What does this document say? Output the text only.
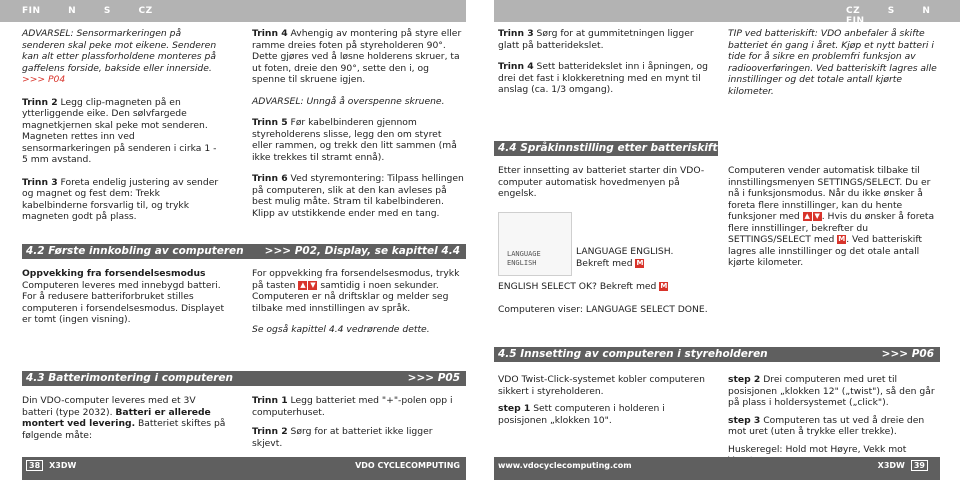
FIN	N	S	CZ	CZ	S	N FIN

ADVARSEL: Sensormarkeringen på senderen skal peke mot eikene. Senderen kan alt etter plassforholdene monteres på gaffelens forside, bakside eller innerside. >>> P04

Trinn 2 Legg clip-magneten på en ytterliggende eike. Den sølvfargede magnetkjernen skal peke mot senderen. Magneten rettes inn ved sensormarkeringen på senderen i cirka 1 - 5 mm avstand.

Trinn 3 Foreta endelig justering av sender og magnet og fest dem: Trekk kabelbinderne forsvarlig til, og trykk magneten godt på plass.

Trinn 4 Avhengig av montering på styre eller ramme dreies foten på styreholderen 90°. Dette gjøres ved å løsne holderens skruer, ta ut foten, dreie den 90°, sette den i, og spenne til skruene igjen.

ADVARSEL: Unngå å overspenne skruene.

Trinn 5 Før kabelbinderen gjennom styreholderens slisse, legg den om styret eller rammen, og trekk den litt sammen (må ikke trekkes til stramt ennå).

Trinn 6 Ved styremontering: Tilpass hellingen på computeren, slik at den kan avleses på best mulig måte. Stram til kabelbinderen. Klipp av utstikkende ender med en tang.

4.2 Første innkobling av computeren >>> P02, Display, se kapittel 4.4

Oppvekking fra forsendelsesmodus

Computeren leveres med innebygd batteri. For å redusere batteriforbruket stilles computeren i forsendelsesmodus. Displayet er tomt (ingen visning).

For oppvekking fra forsendelsesmodus, trykk på tasten ▲ ▼ samtidig i noen sekunder. Computeren er nå driftsklar og melder seg tilbake med innstillingen av språk.

Se også kapittel 4.4 vedrørende dette.

4.3 Batterimontering i computeren	>>> P05

Din VDO-computer leveres med et 3V batteri (type 2032). Batteri er allerede montert ved levering. Batteriet skiftes på følgende måte:

Trinn 1 Legg batteriet med "+"-polen opp i computerhuset.

Trinn 2 Sørg for at batteriet ikke ligger skjevt.

Trinn 3 Sørg for at gummitetningen ligger glatt på batteridekslet.

Trinn 4 Sett batteridekslet inn i åpningen, og drei det fast i klokkeretning med en mynt til anslag (ca. 1/3 omgang).

TIP ved batteriskift: VDO anbefaler å skifte batteriet én gang i året. Kjøp et nytt batteri i tide for å sikre en problemfri funksjon av radiooverføringen. Ved batteriskift lagres alle innstillinger og det totale antall kjørte kilometer.

4.4 Språkinnstilling etter batteriskifte

Etter innsetting av batteriet starter din VDO-computer automatisk hovedmenyen på engelsk.

LANGUAGE
ENGLISH

LANGUAGE ENGLISH.

Bekreft med M

ENGLISH SELECT OK? Bekreft med M

Computeren viser: LANGUAGE SELECT DONE.

Computeren vender automatisk tilbake til innstillingsmenyen SETTINGS/SELECT. Du er nå i funksjonsmodus. Når du ikke ønsker å foreta flere innstillinger, kan du hente funksjoner med ▲ ▼ . Hvis du ønsker å foreta flere innstillinger, bekrefter du SETTINGS/SELECT med M. Ved batteriskift lagres alle innstillinger og det otale antall kjørte kilometer.

4.5 Innsetting av computeren i styreholderen	>>> P06

VDO Twist-Click-systemet kobler computeren sikkert i styreholderen.

step 1 Sett computeren i holderen i posisjonen „klokken 10".

step 2 Drei computeren med uret til posisjonen „klokken 12" („twist"), så den går på plass i holdersystemet („click").

step 3 Computeren tas ut ved å dreie den mot uret (uten å trykke eller trekke).

Huskeregel: Hold mot Høyre, Vekk mot

38 X3DW	VDO CYCLECOMPUTING	www.vdocyclecomputing.com	X3DW 39
